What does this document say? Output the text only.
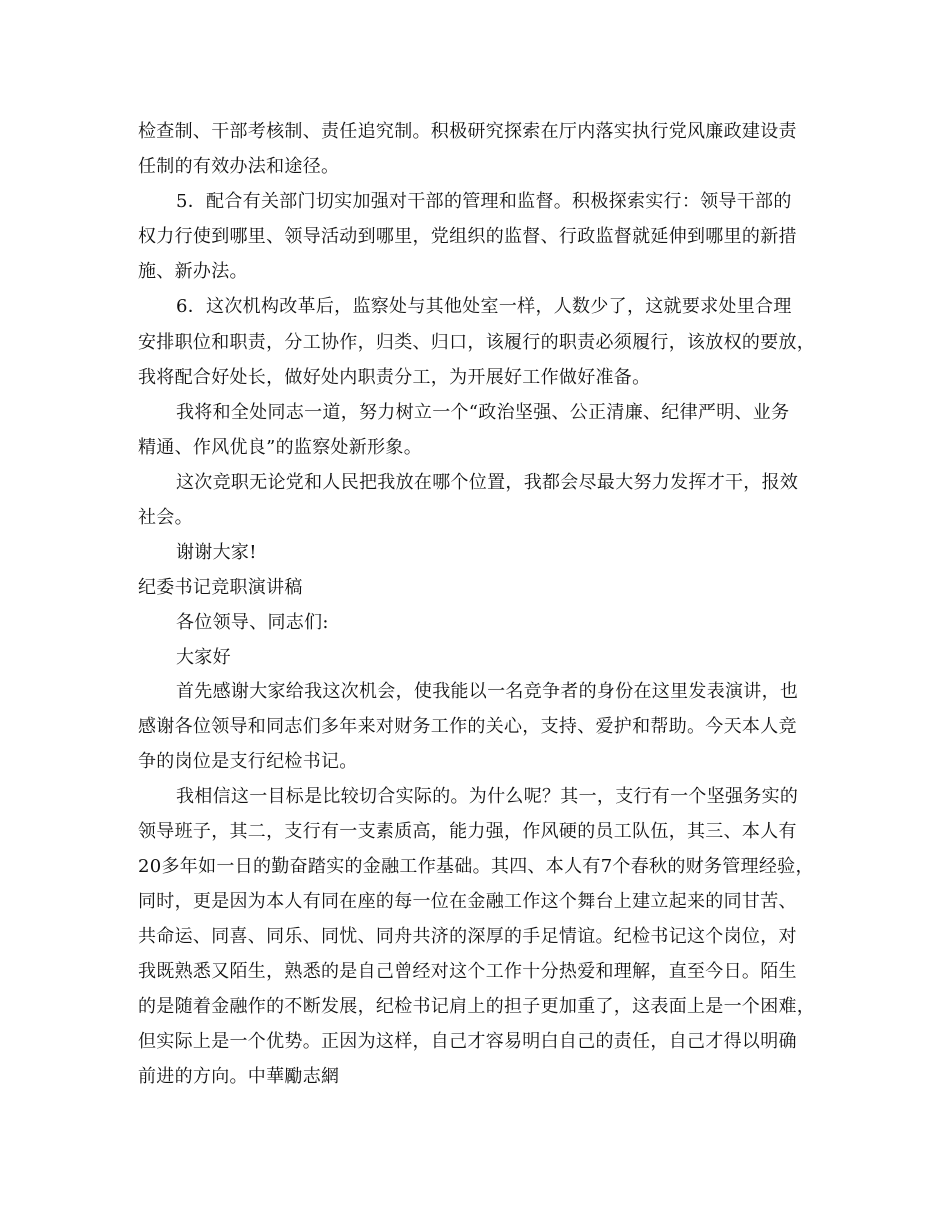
检查制、干部考核制、责任追究制。积极研究探索在厅内落实执行党风廉政建设责
任制的有效办法和途径。
5．配合有关部门切实加强对干部的管理和监督。积极探索实行：领导干部的
权力行使到哪里、领导活动到哪里，党组织的监督、行政监督就延伸到哪里的新措
施、新办法。
6．这次机构改革后，监察处与其他处室一样，人数少了，这就要求处里合理
安排职位和职责，分工协作，归类、归口，该履行的职责必须履行，该放权的要放，
我将配合好处长，做好处内职责分工，为开展好工作做好准备。
我将和全处同志一道，努力树立一个“政治坚强、公正清廉、纪律严明、业务
精通、作风优良”的监察处新形象。
这次竞职无论党和人民把我放在哪个位置，我都会尽最大努力发挥才干，报效
社会。
谢谢大家!
纪委书记竞职演讲稿
各位领导、同志们:
大家好
首先感谢大家给我这次机会，使我能以一名竞争者的身份在这里发表演讲，也
感谢各位领导和同志们多年来对财务工作的关心，支持、爱护和帮助。今天本人竞
争的岗位是支行纪检书记。
我相信这一目标是比较切合实际的。为什么呢？其一，支行有一个坚强务实的
领导班子，其二，支行有一支素质高，能力强，作风硬的员工队伍，其三、本人有
20多年如一日的勤奋踏实的金融工作基础。其四、本人有7个春秋的财务管理经验，
同时，更是因为本人有同在座的每一位在金融工作这个舞台上建立起来的同甘苦、
共命运、同喜、同乐、同忧、同舟共济的深厚的手足情谊。纪检书记这个岗位，对
我既熟悉又陌生，熟悉的是自己曾经对这个工作十分热爱和理解，直至今日。陌生
的是随着金融作的不断发展，纪检书记肩上的担子更加重了，这表面上是一个困难，
但实际上是一个优势。正因为这样，自己才容易明白自己的责任，自己才得以明确
前进的方向。中華勵志網
